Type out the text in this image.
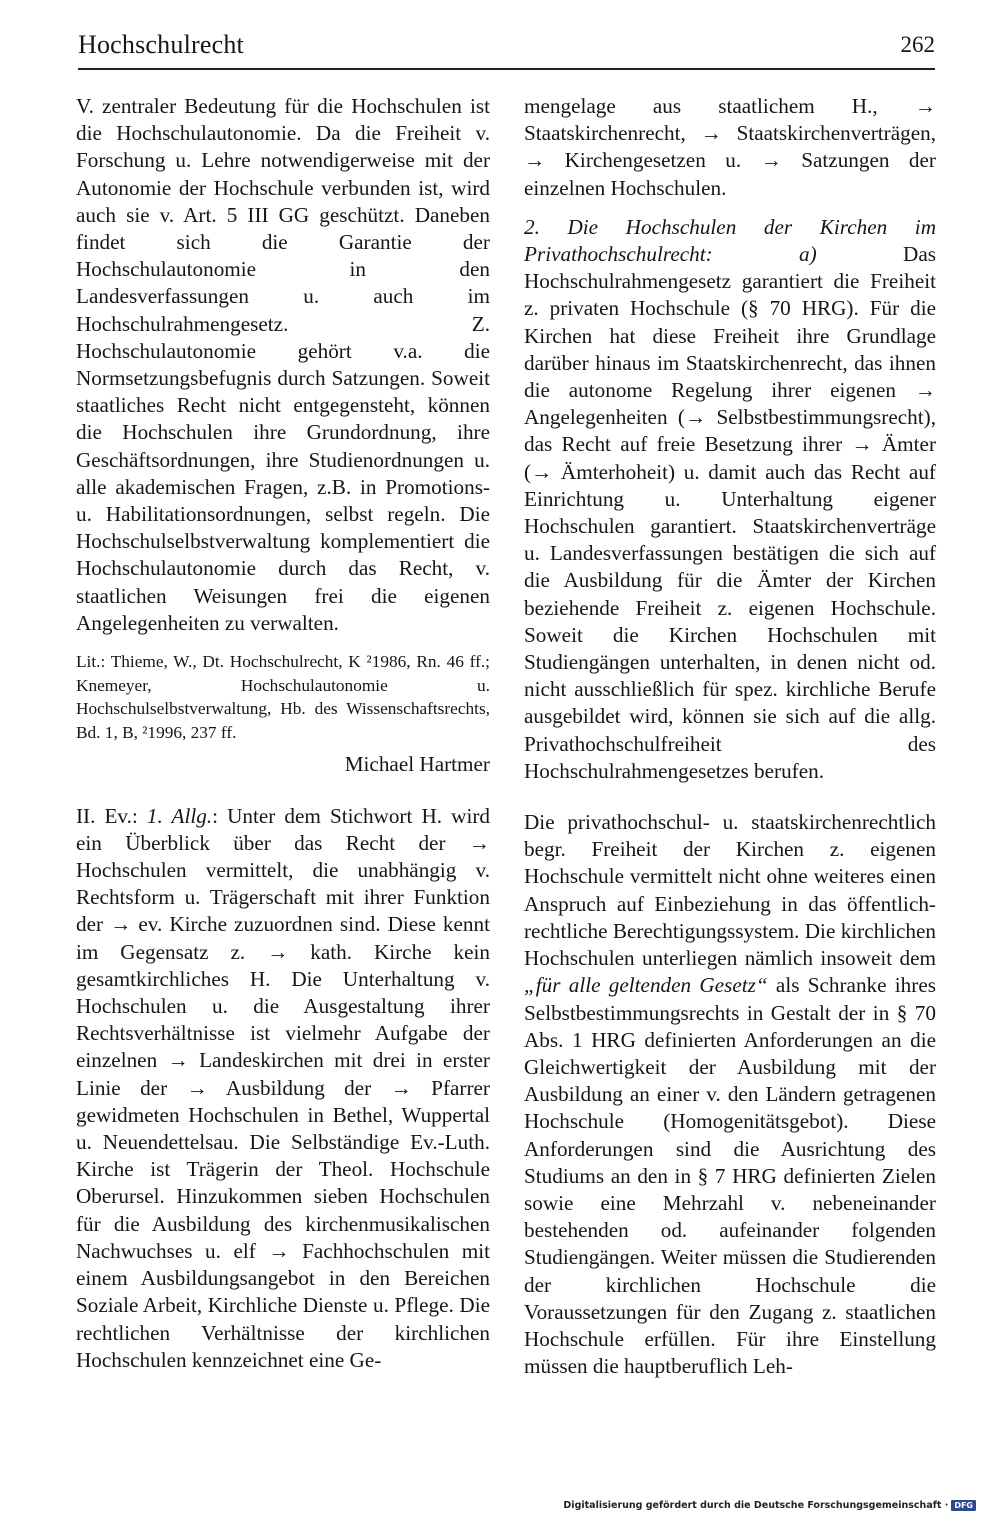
Hochschulrecht	262

V. zentraler Bedeutung für die Hochschulen ist die Hochschulautonomie. Da die Freiheit v. Forschung u. Lehre notwendigerweise mit der Autonomie der Hochschule verbunden ist, wird auch sie v. Art. 5 III GG geschützt. Daneben findet sich die Garantie der Hochschulautonomie in den Landesverfassungen u. auch im Hochschulrahmengesetz. Z. Hochschulautonomie gehört v.a. die Normsetzungsbefugnis durch Satzungen. Soweit staatliches Recht nicht entgegensteht, können die Hochschulen ihre Grundordnung, ihre Geschäftsordnungen, ihre Studienordnungen u. alle akademischen Fragen, z.B. in Promotions- u. Habilitationsordnungen, selbst regeln. Die Hochschulselbstverwaltung komplementiert die Hochschulautonomie durch das Recht, v. staatlichen Weisungen frei die eigenen Angelegenheiten zu verwalten.

Lit.: Thieme, W., Dt. Hochschulrecht, K ²1986, Rn. 46 ff.; Knemeyer, Hochschulautonomie u. Hochschulselbstverwaltung, Hb. des Wissenschaftsrechts, Bd. 1, B, ²1996, 237 ff.

Michael Hartmer

II. Ev.: 1. Allg.: Unter dem Stichwort H. wird ein Überblick über das Recht der → Hochschulen vermittelt, die unabhängig v. Rechtsform u. Trägerschaft mit ihrer Funktion der → ev. Kirche zuzuordnen sind. Diese kennt im Gegensatz z. → kath. Kirche kein gesamtkirchliches H. Die Unterhaltung v. Hochschulen u. die Ausgestaltung ihrer Rechtsverhältnisse ist vielmehr Aufgabe der einzelnen → Landeskirchen mit drei in erster Linie der → Ausbildung der → Pfarrer gewidmeten Hochschulen in Bethel, Wuppertal u. Neuendettelsau. Die Selbständige Ev.-Luth. Kirche ist Trägerin der Theol. Hochschule Oberursel. Hinzukommen sieben Hochschulen für die Ausbildung des kirchenmusikalischen Nachwuchses u. elf → Fachhochschulen mit einem Ausbildungsangebot in den Bereichen Soziale Arbeit, Kirchliche Dienste u. Pflege. Die rechtlichen Verhältnisse der kirchlichen Hochschulen kennzeichnet eine Ge-

mengelage aus staatlichem H., → Staatskirchenrecht, → Staatskirchenverträgen, → Kirchengesetzen u. → Satzungen der einzelnen Hochschulen.

2. Die Hochschulen der Kirchen im Privathochschulrecht: a) Das Hochschulrahmengesetz garantiert die Freiheit z. privaten Hochschule (§ 70 HRG). Für die Kirchen hat diese Freiheit ihre Grundlage darüber hinaus im Staatskirchenrecht, das ihnen die autonome Regelung ihrer eigenen → Angelegenheiten (→ Selbstbestimmungsrecht), das Recht auf freie Besetzung ihrer → Ämter (→ Ämterhoheit) u. damit auch das Recht auf Einrichtung u. Unterhaltung eigener Hochschulen garantiert. Staatskirchenverträge u. Landesverfassungen bestätigen die sich auf die Ausbildung für die Ämter der Kirchen beziehende Freiheit z. eigenen Hochschule. Soweit die Kirchen Hochschulen mit Studiengängen unterhalten, in denen nicht od. nicht ausschließlich für spez. kirchliche Berufe ausgebildet wird, können sie sich auf die allg. Privathochschulfreiheit des Hochschulrahmengesetzes berufen.

Die privathochschul- u. staatskirchenrechtlich begr. Freiheit der Kirchen z. eigenen Hochschule vermittelt nicht ohne weiteres einen Anspruch auf Einbeziehung in das öffentlich-rechtliche Berechtigungssystem. Die kirchlichen Hochschulen unterliegen nämlich insoweit dem „für alle geltenden Gesetz“ als Schranke ihres Selbstbestimmungsrechts in Gestalt der in § 70 Abs. 1 HRG definierten Anforderungen an die Gleichwertigkeit der Ausbildung mit der Ausbildung an einer v. den Ländern getragenen Hochschule (Homogenitätsgebot). Diese Anforderungen sind die Ausrichtung des Studiums an den in § 7 HRG definierten Zielen sowie eine Mehrzahl v. nebeneinander bestehenden od. aufeinander folgenden Studiengängen. Weiter müssen die Studierenden der kirchlichen Hochschule die Voraussetzungen für den Zugang z. staatlichen Hochschule erfüllen. Für ihre Einstellung müssen die hauptberuflich Leh-

Digitalisierung gefördert durch die Deutsche Forschungsgemeinschaft · DFG
